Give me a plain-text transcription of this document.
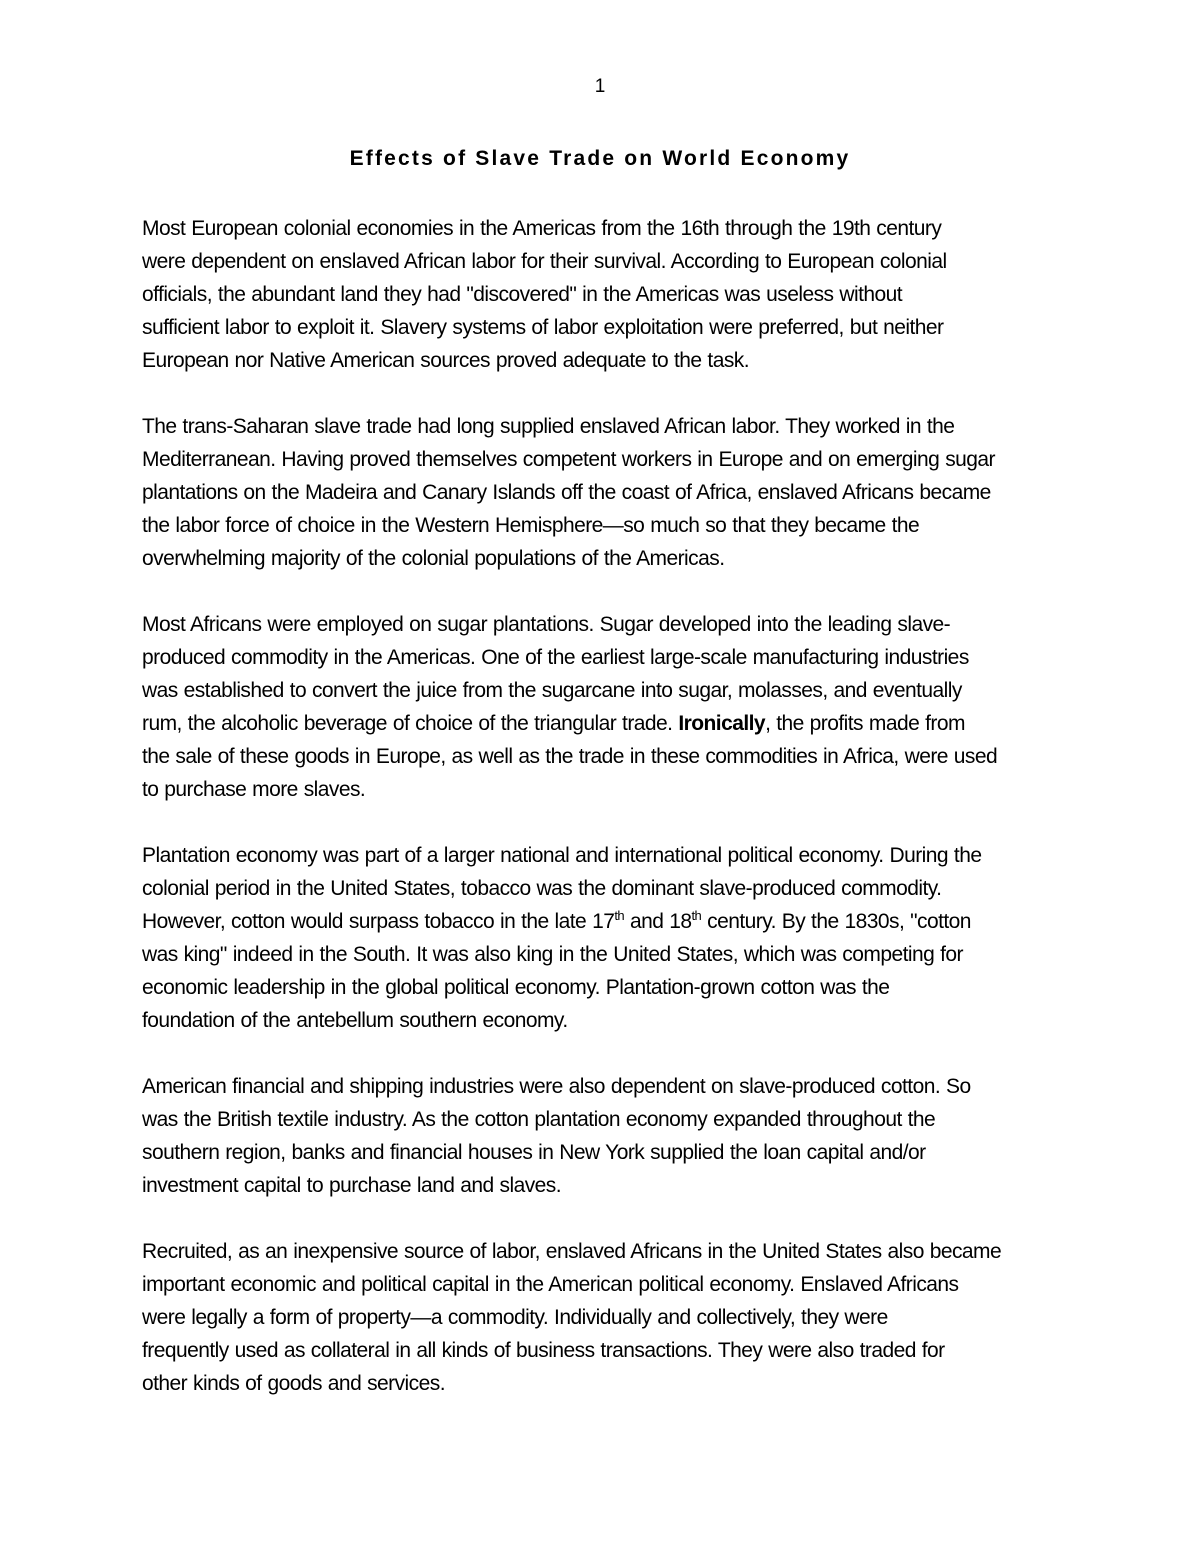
1
Effects of Slave Trade on World Economy

Most European colonial economies in the Americas from the 16th through the 19th century
were dependent on enslaved African labor for their survival. According to European colonial
officials, the abundant land they had "discovered" in the Americas was useless without
sufficient labor to exploit it. Slavery systems of labor exploitation were preferred, but neither
European nor Native American sources proved adequate to the task.

The trans-Saharan slave trade had long supplied enslaved African labor. They worked in the
Mediterranean. Having proved themselves competent workers in Europe and on emerging sugar
plantations on the Madeira and Canary Islands off the coast of Africa, enslaved Africans became
the labor force of choice in the Western Hemisphere—so much so that they became the
overwhelming majority of the colonial populations of the Americas.

Most Africans were employed on sugar plantations. Sugar developed into the leading slave-
produced commodity in the Americas. One of the earliest large-scale manufacturing industries
was established to convert the juice from the sugarcane into sugar, molasses, and eventually
rum, the alcoholic beverage of choice of the triangular trade. Ironically, the profits made from
the sale of these goods in Europe, as well as the trade in these commodities in Africa, were used
to purchase more slaves.

Plantation economy was part of a larger national and international political economy. During the
colonial period in the United States, tobacco was the dominant slave-produced commodity.
However, cotton would surpass tobacco in the late 17th and 18th century. By the 1830s, "cotton
was king" indeed in the South. It was also king in the United States, which was competing for
economic leadership in the global political economy. Plantation-grown cotton was the
foundation of the antebellum southern economy.

American financial and shipping industries were also dependent on slave-produced cotton. So
was the British textile industry. As the cotton plantation economy expanded throughout the
southern region, banks and financial houses in New York supplied the loan capital and/or
investment capital to purchase land and slaves.

Recruited, as an inexpensive source of labor, enslaved Africans in the United States also became
important economic and political capital in the American political economy. Enslaved Africans
were legally a form of property—a commodity. Individually and collectively, they were
frequently used as collateral in all kinds of business transactions. They were also traded for
other kinds of goods and services.
